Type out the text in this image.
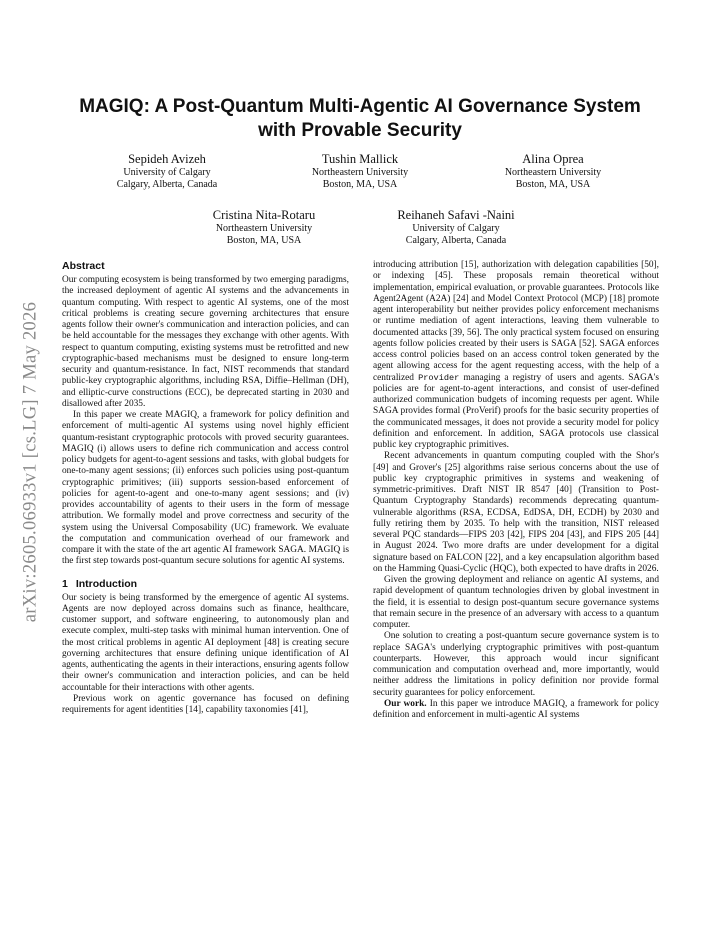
arXiv:2605.06933v1 [cs.LG] 7 May 2026
MAGIQ: A Post-Quantum Multi-Agentic AI Governance System with Provable Security
Sepideh Avizeh
University of Calgary
Calgary, Alberta, Canada
Tushin Mallick
Northeastern University
Boston, MA, USA
Alina Oprea
Northeastern University
Boston, MA, USA
Cristina Nita-Rotaru
Northeastern University
Boston, MA, USA
Reihaneh Safavi -Naini
University of Calgary
Calgary, Alberta, Canada
Abstract

Our computing ecosystem is being transformed by two emerging paradigms, the increased deployment of agentic AI systems and the advancements in quantum computing. With respect to agentic AI systems, one of the most critical problems is creating secure governing architectures that ensure agents follow their owner's communication and interaction policies, and can be held accountable for the messages they exchange with other agents. With respect to quantum computing, existing systems must be retrofitted and new cryptographic-based mechanisms must be designed to ensure long-term security and quantum-resistance. In fact, NIST recommends that standard public-key cryptographic algorithms, including RSA, Diffie–Hellman (DH), and elliptic-curve constructions (ECC), be deprecated starting in 2030 and disallowed after 2035.

In this paper we create MAGIQ, a framework for policy definition and enforcement of multi-agentic AI systems using novel highly efficient quantum-resistant cryptographic protocols with proved security guarantees. MAGIQ (i) allows users to define rich communication and access control policy budgets for agent-to-agent sessions and tasks, with global budgets for one-to-many agent sessions; (ii) enforces such policies using post-quantum cryptographic primitives; (iii) supports session-based enforcement of policies for agent-to-agent and one-to-many agent sessions; and (iv) provides accountability of agents to their users in the form of message attribution. We formally model and prove correctness and security of the system using the Universal Composability (UC) framework. We evaluate the computation and communication overhead of our framework and compare it with the state of the art agentic AI framework SAGA. MAGIQ is the first step towards post-quantum secure solutions for agentic AI systems.

1 Introduction

Our society is being transformed by the emergence of agentic AI systems. Agents are now deployed across domains such as finance, healthcare, customer support, and software engineering, to autonomously plan and execute complex, multi-step tasks with minimal human intervention. One of the most critical problems in agentic AI deployment [48] is creating secure governing architectures that ensure defining unique identification of AI agents, authenticating the agents in their interactions, ensuring agents follow their owner's communication and interaction policies, and can be held accountable for their interactions with other agents.

Previous work on agentic governance has focused on defining requirements for agent identities [14], capability taxonomies [41],

introducing attribution [15], authorization with delegation capabilities [50], or indexing [45]. These proposals remain theoretical without implementation, empirical evaluation, or provable guarantees. Protocols like Agent2Agent (A2A) [24] and Model Context Protocol (MCP) [18] promote agent interoperability but neither provides policy enforcement mechanisms or runtime mediation of agent interactions, leaving them vulnerable to documented attacks [39, 56]. The only practical system focused on ensuring agents follow policies created by their users is SAGA [52]. SAGA enforces access control policies based on an access control token generated by the agent allowing access for the agent requesting access, with the help of a centralized Provider managing a registry of users and agents. SAGA's policies are for agent-to-agent interactions, and consist of user-defined authorized communication budgets of incoming requests per agent. While SAGA provides formal (ProVerif) proofs for the basic security properties of the communicated messages, it does not provide a security model for policy definition and enforcement. In addition, SAGA protocols use classical public key cryptographic primitives.

Recent advancements in quantum computing coupled with the Shor's [49] and Grover's [25] algorithms raise serious concerns about the use of public key cryptographic primitives in systems and weakening of symmetric-primitives. Draft NIST IR 8547 [40] (Transition to Post-Quantum Cryptography Standards) recommends deprecating quantum-vulnerable algorithms (RSA, ECDSA, EdDSA, DH, ECDH) by 2030 and fully retiring them by 2035. To help with the transition, NIST released several PQC standards—FIPS 203 [42], FIPS 204 [43], and FIPS 205 [44] in August 2024. Two more drafts are under development for a digital signature based on FALCON [22], and a key encapsulation algorithm based on the Hamming Quasi-Cyclic (HQC), both expected to have drafts in 2026.

Given the growing deployment and reliance on agentic AI systems, and rapid development of quantum technologies driven by global investment in the field, it is essential to design post-quantum secure governance systems that remain secure in the presence of an adversary with access to a quantum computer.

One solution to creating a post-quantum secure governance system is to replace SAGA's underlying cryptographic primitives with post-quantum counterparts. However, this approach would incur significant communication and computation overhead and, more importantly, would neither address the limitations in policy definition nor provide formal security guarantees for policy enforcement.

Our work. In this paper we introduce MAGIQ, a framework for policy definition and enforcement in multi-agentic AI systems
